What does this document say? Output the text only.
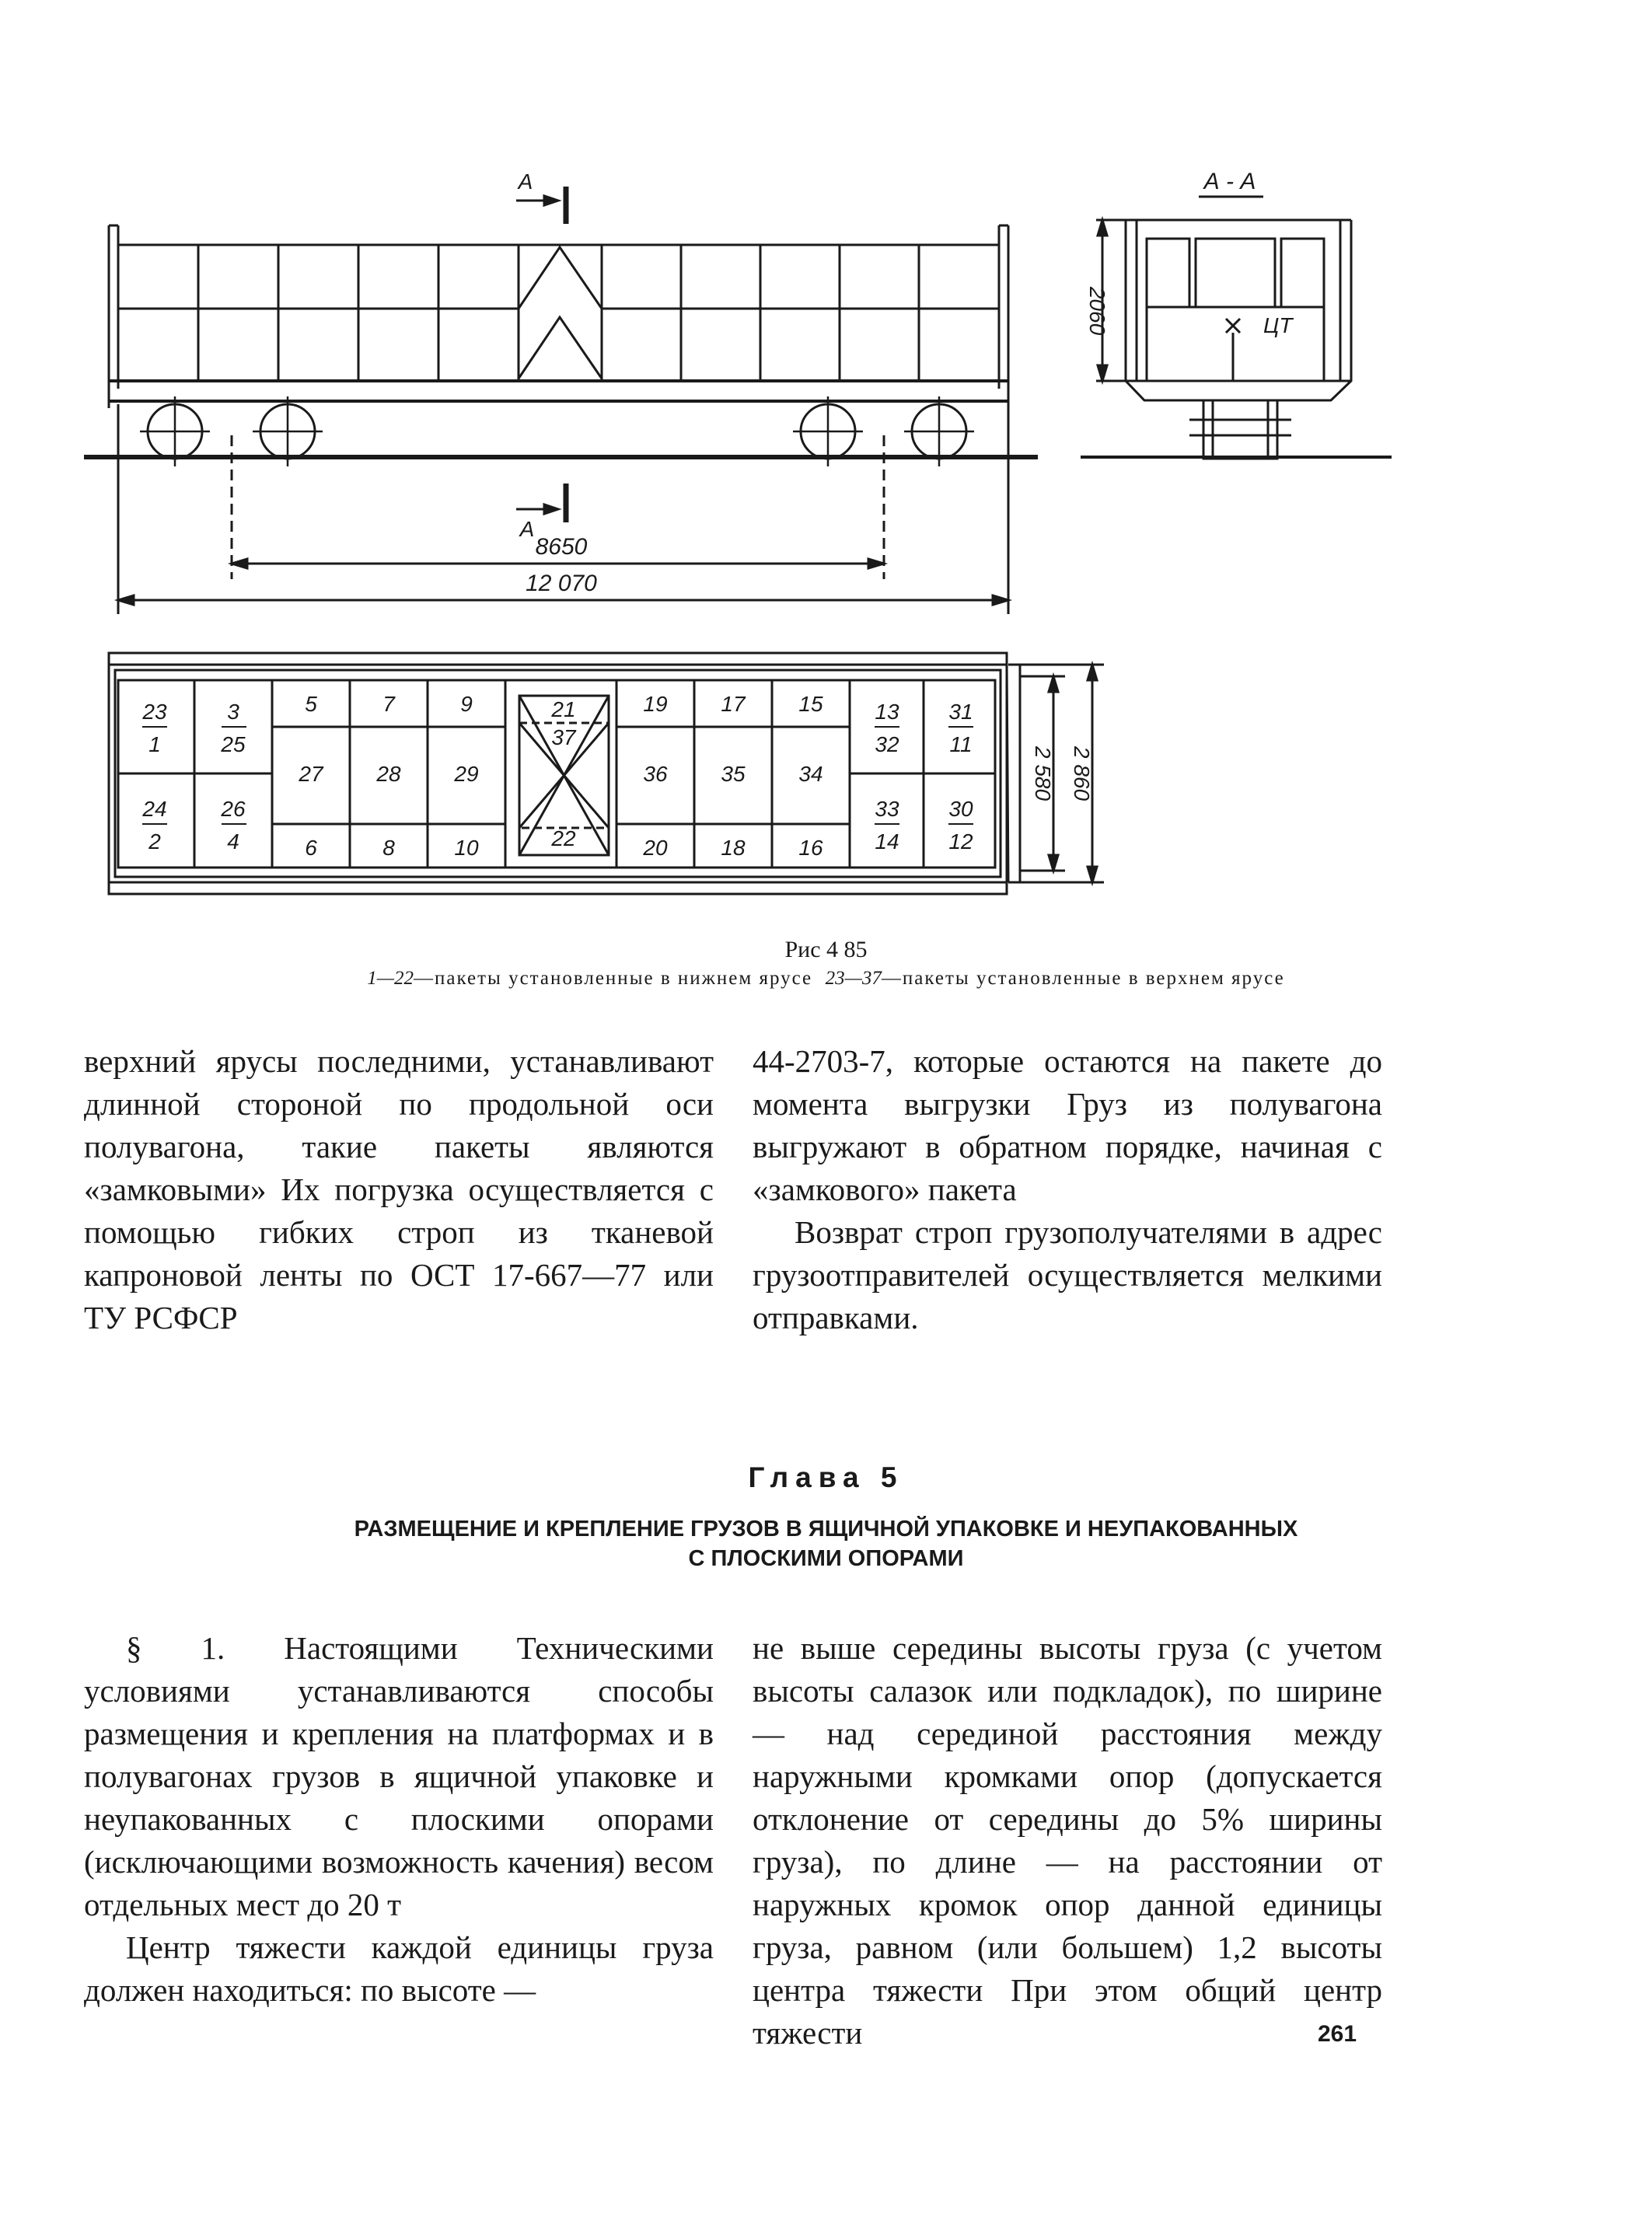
А
А
А - А
2060	ЦТ
8650
12 070
2 580 2 860
23
1
24
2
3
25
26
4
5
27
6
7
28
8
9
29
10
21
37
22
19
36
20
17
35
18
15
34
16
13
32
33
14
31
11
30
12
Рис 4 85
1—22—пакеты установленные в нижнем ярусе 23—37—пакеты установленные в верхнем ярусе

верхний ярусы последними, устанавливают длинной стороной по продольной оси полувагона, такие пакеты являются «замковыми» Их погрузка осуществляется с помощью гибких строп из тканевой капроновой ленты по ОСТ 17-667—77 или ТУ РСФСР

44-2703-7, которые остаются на пакете до момента выгрузки Груз из полувагона выгружают в обратном порядке, начиная с «замкового» пакета

Возврат строп грузополучателями в адрес грузоотправителей осуществляется мелкими отправками.

Глава 5
РАЗМЕЩЕНИЕ И КРЕПЛЕНИЕ ГРУЗОВ В ЯЩИЧНОЙ УПАКОВКЕ И НЕУПАКОВАННЫХ
С ПЛОСКИМИ ОПОРАМИ

§ 1. Настоящими Техническими условиями устанавливаются способы размещения и крепления на платформах и в полувагонах грузов в ящичной упаковке и неупакованных с плоскими опорами (исключающими возможность качения) весом отдельных мест до 20 т

Центр тяжести каждой единицы груза должен находиться: по высоте —

не выше середины высоты груза (с учетом высоты салазок или подкладок), по ширине — над серединой расстояния между наружными кромками опор (допускается отклонение от середины до 5% ширины груза), по длине — на расстоянии от наружных кромок опор данной единицы груза, равном (или большем) 1,2 высоты центра тяжести При этом общий центр тяжести	261
